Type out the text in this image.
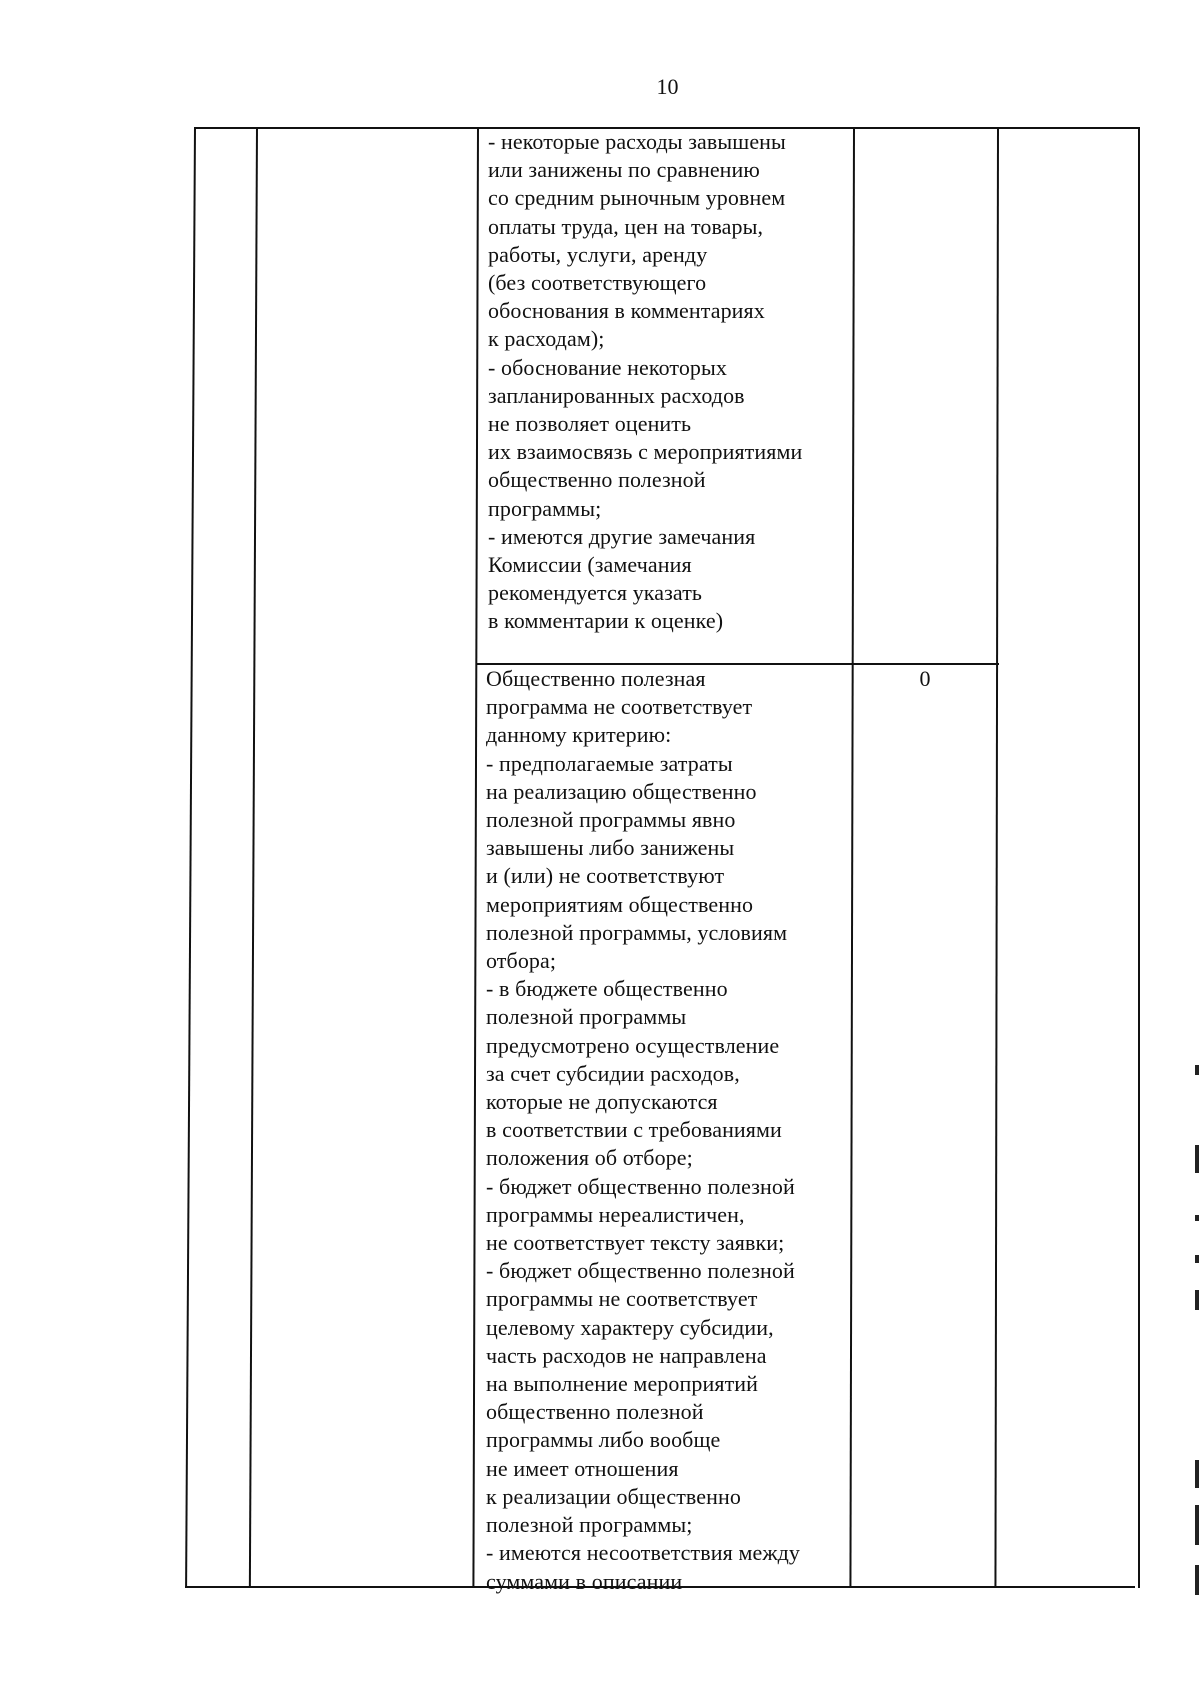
10
- некоторые расходы завышены
или занижены по сравнению
со средним рыночным уровнем
оплаты труда, цен на товары,
работы, услуги, аренду
(без соответствующего
обоснования в комментариях
к расходам);
- обоснование некоторых
запланированных расходов
не позволяет оценить
их взаимосвязь с мероприятиями
общественно полезной
программы;
- имеются другие замечания
Комиссии (замечания
рекомендуется указать
в комментарии к оценке)
Общественно полезная
программа не соответствует
данному критерию:
- предполагаемые затраты
на реализацию общественно
полезной программы явно
завышены либо занижены
и (или) не соответствуют
мероприятиям общественно
полезной программы, условиям
отбора;
- в бюджете общественно
полезной программы
предусмотрено осуществление
за счет субсидии расходов,
которые не допускаются
в соответствии с требованиями
положения об отборе;
- бюджет общественно полезной
программы нереалистичен,
не соответствует тексту заявки;
- бюджет общественно полезной
программы не соответствует
целевому характеру субсидии,
часть расходов не направлена
на выполнение мероприятий
общественно полезной
программы либо вообще
не имеет отношения
к реализации общественно
полезной программы;
- имеются несоответствия между
суммами в описании
0
